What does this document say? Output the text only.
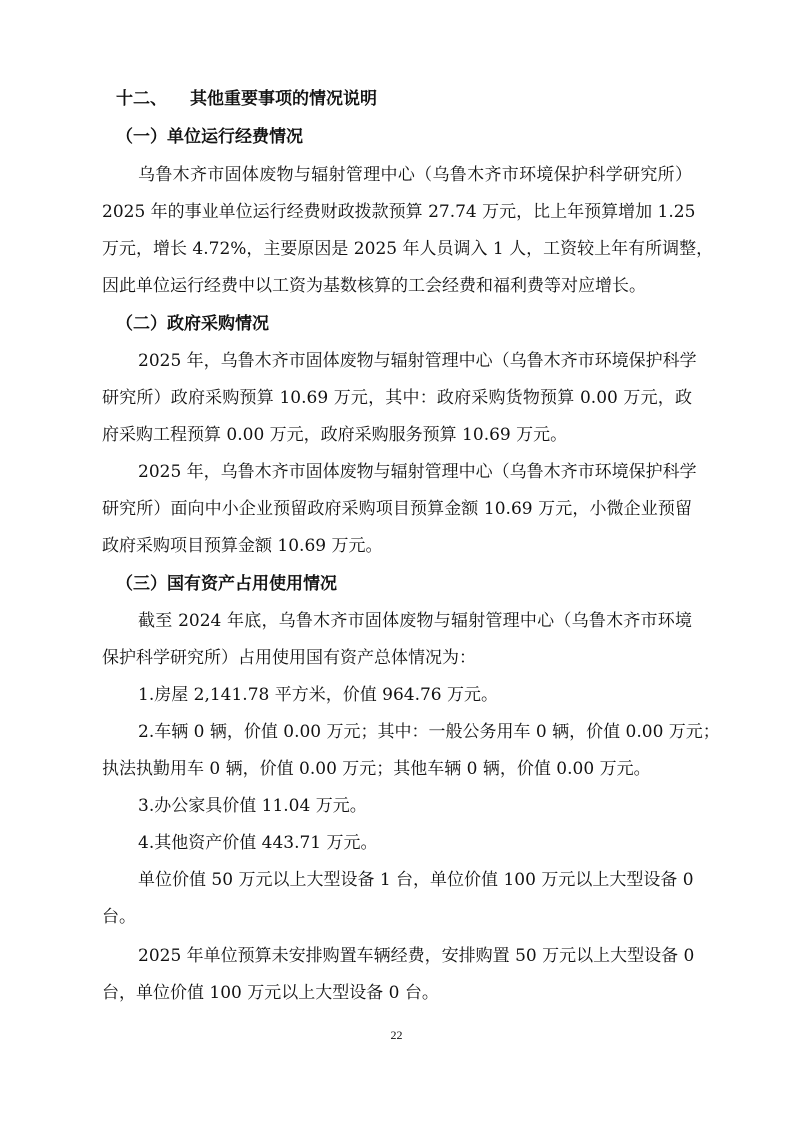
十二、 其他重要事项的情况说明
（一）单位运行经费情况
乌鲁木齐市固体废物与辐射管理中心（乌鲁木齐市环境保护科学研究所）
2025 年的事业单位运行经费财政拨款预算 27.74 万元，比上年预算增加 1.25
万元，增长 4.72%，主要原因是 2025 年人员调入 1 人，工资较上年有所调整，
因此单位运行经费中以工资为基数核算的工会经费和福利费等对应增长。
（二）政府采购情况
2025 年，乌鲁木齐市固体废物与辐射管理中心（乌鲁木齐市环境保护科学
研究所）政府采购预算 10.69 万元，其中：政府采购货物预算 0.00 万元，政
府采购工程预算 0.00 万元，政府采购服务预算 10.69 万元。
2025 年，乌鲁木齐市固体废物与辐射管理中心（乌鲁木齐市环境保护科学
研究所）面向中小企业预留政府采购项目预算金额 10.69 万元，小微企业预留
政府采购项目预算金额 10.69 万元。
（三）国有资产占用使用情况
截至 2024 年底，乌鲁木齐市固体废物与辐射管理中心（乌鲁木齐市环境
保护科学研究所）占用使用国有资产总体情况为：
1.房屋 2,141.78 平方米，价值 964.76 万元。
2.车辆 0 辆，价值 0.00 万元；其中：一般公务用车 0 辆，价值 0.00 万元；
执法执勤用车 0 辆，价值 0.00 万元；其他车辆 0 辆，价值 0.00 万元。
3.办公家具价值 11.04 万元。
4.其他资产价值 443.71 万元。
单位价值 50 万元以上大型设备 1 台，单位价值 100 万元以上大型设备 0
台。
2025 年单位预算未安排购置车辆经费，安排购置 50 万元以上大型设备 0
台，单位价值 100 万元以上大型设备 0 台。
22
